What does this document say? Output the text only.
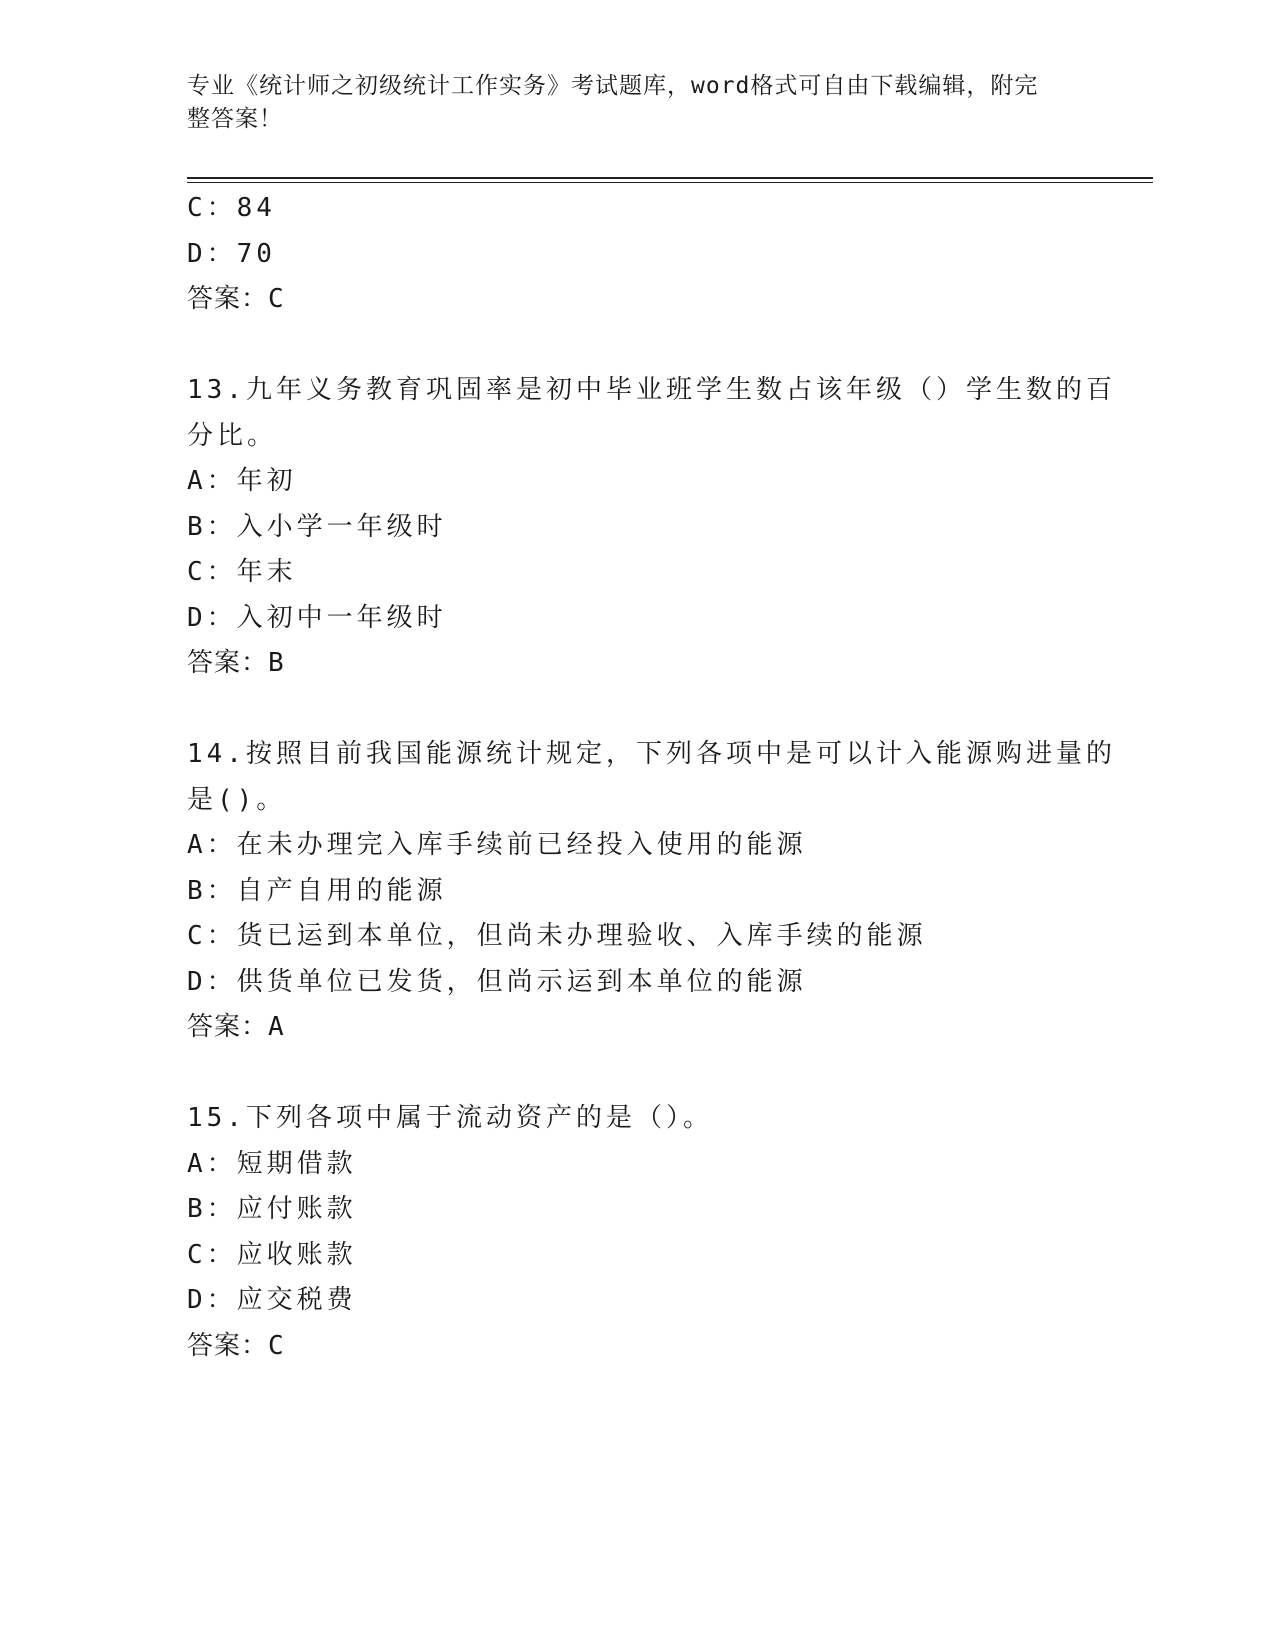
专业《统计师之初级统计工作实务》考试题库，word格式可自由下载编辑，附完
整答案！
C：84
D：70
答案：C
13.九年义务教育巩固率是初中毕业班学生数占该年级（）学生数的百
分比。
A：年初
B：入小学一年级时
C：年末
D：入初中一年级时
答案：B
14.按照目前我国能源统计规定，下列各项中是可以计入能源购进量的
是()。
A：在未办理完入库手续前已经投入使用的能源
B：自产自用的能源
C：货已运到本单位，但尚未办理验收、入库手续的能源
D：供货单位已发货，但尚示运到本单位的能源
答案：A
15.下列各项中属于流动资产的是（）。
A：短期借款
B：应付账款
C：应收账款
D：应交税费
答案：C
